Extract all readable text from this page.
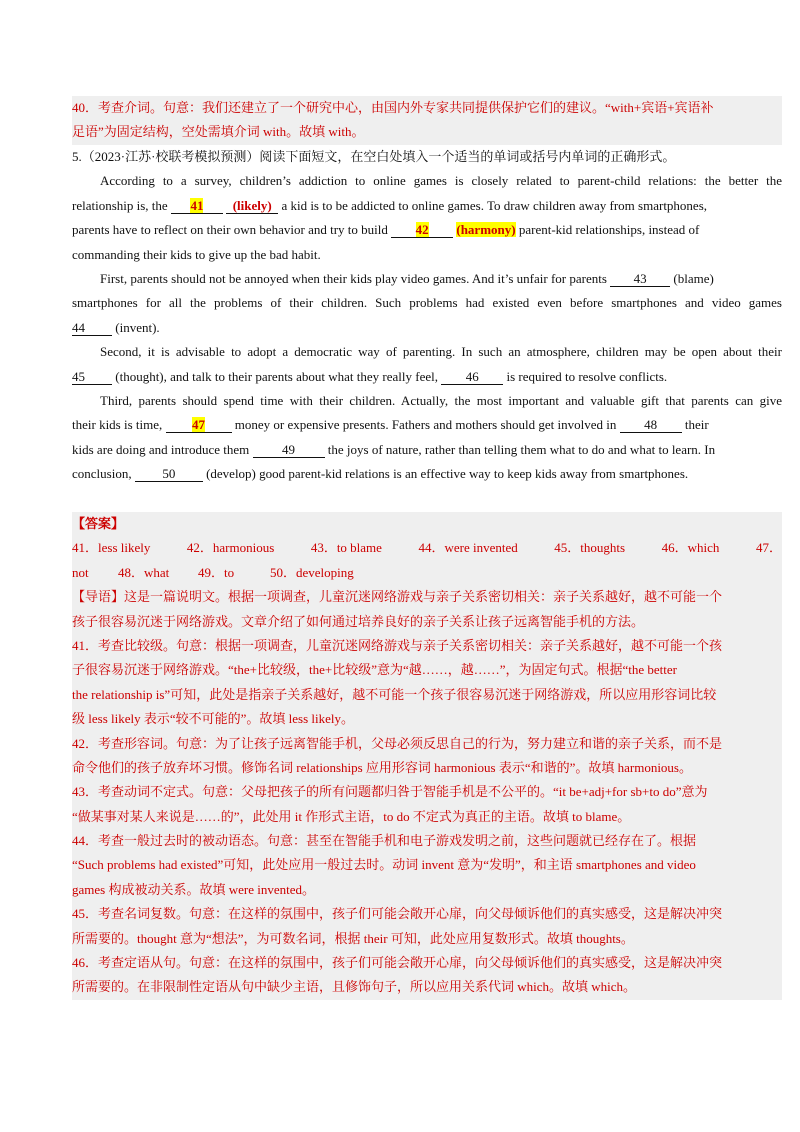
40．考查介词。句意：我们还建立了一个研究中心，由国内外专家共同提供保护它们的建议。“with+宾语+宾语补
足语”为固定结构，空处需填介词 with。故填 with。
5.（2023·江苏·校联考模拟预测）阅读下面短文，在空白处填入一个适当的单词或括号内单词的正确形式。
According to a survey, children’s addiction to online games is closely related to parent-child relations: the better the
relationship is, the 41 (likely) a kid is to be addicted to online games. To draw children away from smartphones,
parents have to reflect on their own behavior and try to build 42 (harmony) parent-kid relationships, instead of
commanding their kids to give up the bad habit.
First, parents should not be annoyed when their kids play video games. And it’s unfair for parents 43 (blame)
smartphones for all the problems of their children. Such problems had existed even before smartphones and video games
44 (invent).
Second, it is advisable to adopt a democratic way of parenting. In such an atmosphere, children may be open about their
45 (thought), and talk to their parents about what they really feel, 46 is required to resolve conflicts.
Third, parents should spend time with their children. Actually, the most important and valuable gift that parents can give
their kids is time, 47 money or expensive presents. Fathers and mothers should get involved in 48 their
kids are doing and introduce them	49	the joys of nature, rather than telling them what to do and what to learn. In
conclusion, 50 (develop) good parent-kid relations is an effective way to keep kids away from smartphones.
【答案】
41．less likely	42．harmonious	43．to blame	44．were invented	45．thoughts	46．which	47．
not 48．what 49．to	50．developing
【导语】这是一篇说明文。根据一项调查，儿童沉迷网络游戏与亲子关系密切相关：亲子关系越好，越不可能一个
孩子很容易沉迷于网络游戏。文章介绍了如何通过培养良好的亲子关系让孩子远离智能手机的方法。
41．考查比较级。句意：根据一项调查，儿童沉迷网络游戏与亲子关系密切相关：亲子关系越好，越不可能一个孩
子很容易沉迷于网络游戏。“the+比较级，the+比较级”意为“越……，越……”，为固定句式。根据“the better
the relationship is”可知，此处是指亲子关系越好，越不可能一个孩子很容易沉迷于网络游戏，所以应用形容词比较
级 less likely 表示“较不可能的”。故填 less likely。
42．考查形容词。句意：为了让孩子远离智能手机，父母必须反思自己的行为，努力建立和谐的亲子关系，而不是
命令他们的孩子放弃坏习惯。修饰名词 relationships 应用形容词 harmonious 表示“和谐的”。故填 harmonious。
43．考查动词不定式。句意：父母把孩子的所有问题都归咎于智能手机是不公平的。“it be+adj+for sb+to do”意为
“做某事对某人来说是……的”，此处用 it 作形式主语，to do 不定式为真正的主语。故填 to blame。
44．考查一般过去时的被动语态。句意：甚至在智能手机和电子游戏发明之前，这些问题就已经存在了。根据
“Such problems had existed”可知，此处应用一般过去时。动词 invent 意为“发明”，和主语 smartphones and video
games 构成被动关系。故填 were invented。
45．考查名词复数。句意：在这样的氛围中，孩子们可能会敞开心扉，向父母倾诉他们的真实感受，这是解决冲突
所需要的。thought 意为“想法”，为可数名词，根据 their 可知，此处应用复数形式。故填 thoughts。
46．考查定语从句。句意：在这样的氛围中，孩子们可能会敞开心扉，向父母倾诉他们的真实感受，这是解决冲突
所需要的。在非限制性定语从句中缺少主语，且修饰句子，所以应用关系代词 which。故填 which。
